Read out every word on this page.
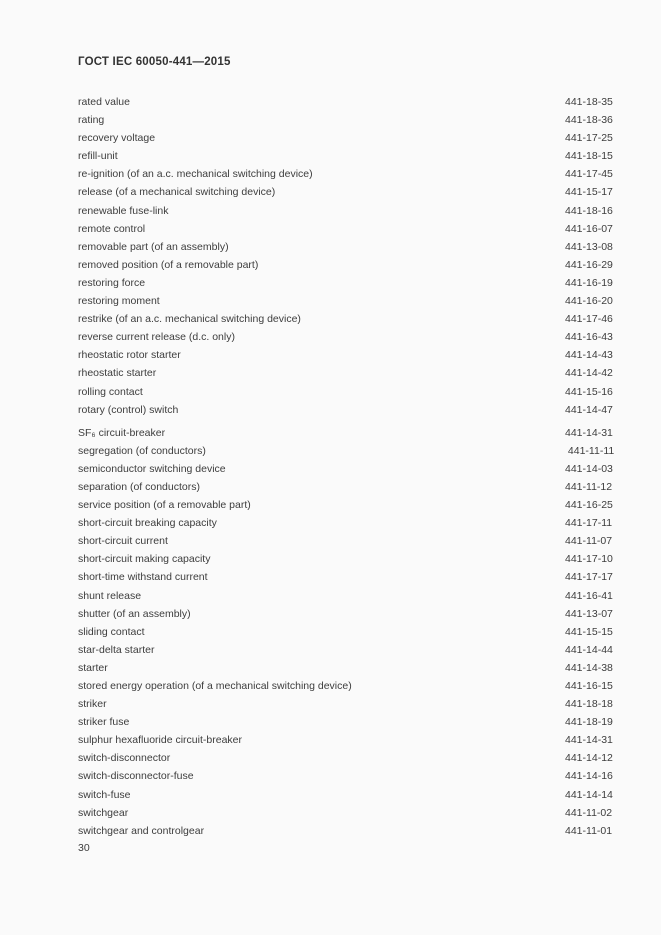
ГОСТ IEC 60050-441—2015
rated value	441-18-35
rating	441-18-36
recovery voltage	441-17-25
refill-unit	441-18-15
re-ignition (of an a.c. mechanical switching device)	441-17-45
release (of a mechanical switching device)	441-15-17
renewable fuse-link	441-18-16
remote control	441-16-07
removable part (of an assembly)	441-13-08
removed position (of a removable part)	441-16-29
restoring force	441-16-19
restoring moment	441-16-20
restrike (of an a.c. mechanical switching device)	441-17-46
reverse current release (d.c. only)	441-16-43
rheostatic rotor starter	441-14-43
rheostatic starter	441-14-42
rolling contact	441-15-16
rotary (control) switch	441-14-47
SF₆ circuit-breaker	441-14-31
segregation (of conductors)	441-11-11
semiconductor switching device	441-14-03
separation (of conductors)	441-11-12
service position (of a removable part)	441-16-25
short-circuit breaking capacity	441-17-11
short-circuit current	441-11-07
short-circuit making capacity	441-17-10
short-time withstand current	441-17-17
shunt release	441-16-41
shutter (of an assembly)	441-13-07
sliding contact	441-15-15
star-delta starter	441-14-44
starter	441-14-38
stored energy operation (of a mechanical switching device)	441-16-15
striker	441-18-18
striker fuse	441-18-19
sulphur hexafluoride circuit-breaker	441-14-31
switch-disconnector	441-14-12
switch-disconnector-fuse	441-14-16
switch-fuse	441-14-14
switchgear	441-11-02
switchgear and controlgear	441-11-01
30
